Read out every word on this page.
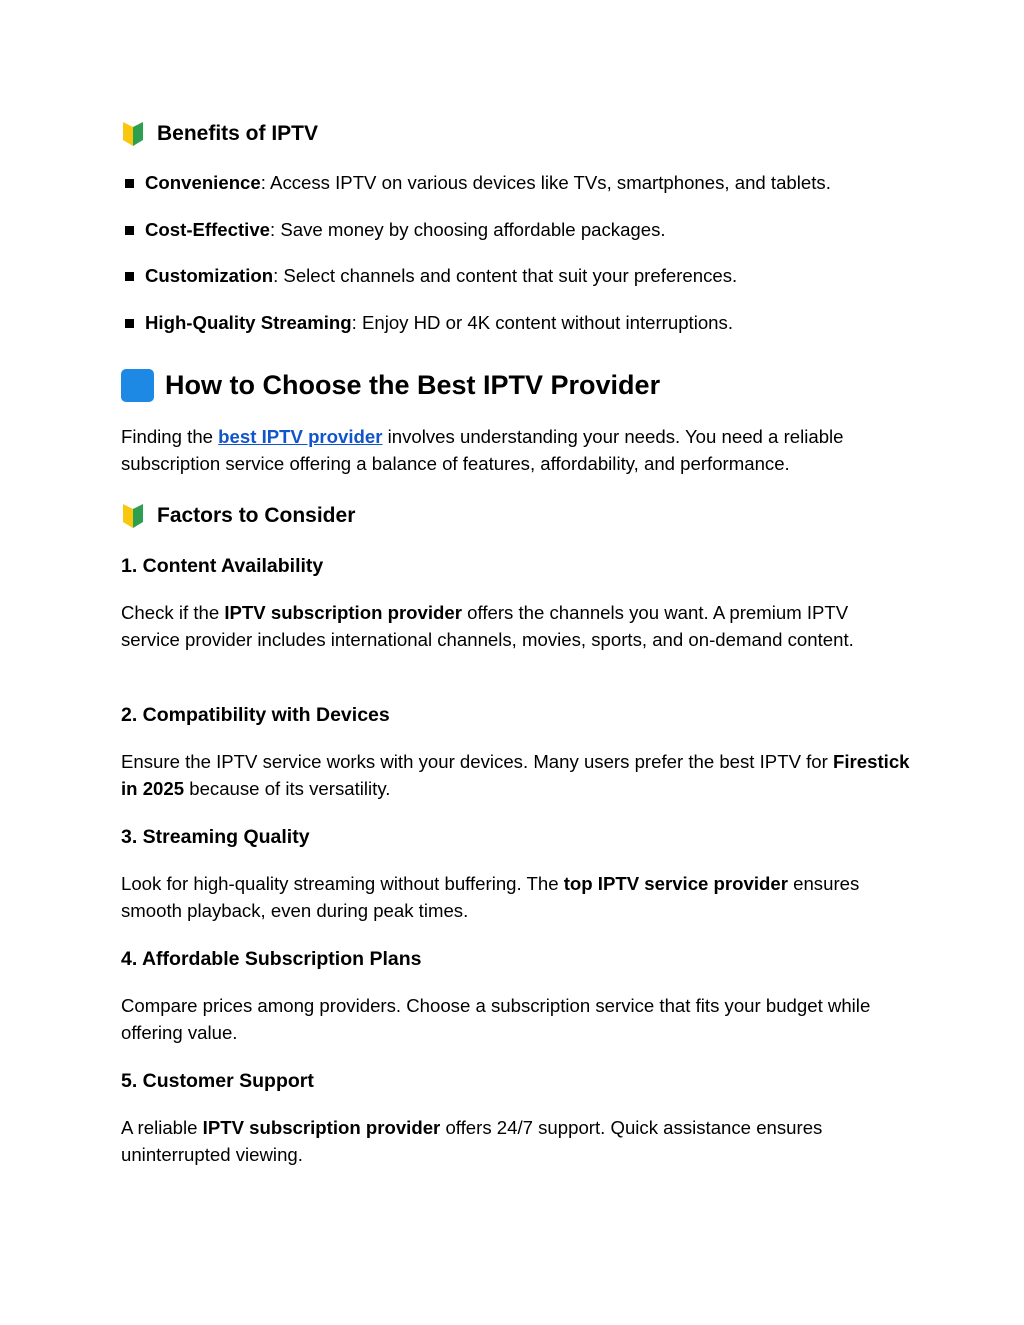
Benefits of IPTV
Convenience : Access IPTV on various devices like TVs, smartphones, and tablets.
Cost-Effective : Save money by choosing affordable packages.
Customization : Select channels and content that suit your preferences.
High-Quality Streaming : Enjoy HD or 4K content without interruptions.
How to Choose the Best IPTV Provider
Finding the best IPTV provider involves understanding your needs. You need a reliable subscription service offering a balance of features, affordability, and performance.
Factors to Consider
1. Content Availability
Check if the IPTV subscription provider offers the channels you want. A premium IPTV service provider includes international channels, movies, sports, and on-demand content.
2. Compatibility with Devices
Ensure the IPTV service works with your devices. Many users prefer the best IPTV for Firestick in 2025 because of its versatility.
3. Streaming Quality
Look for high-quality streaming without buffering. The top IPTV service provider ensures smooth playback, even during peak times.
4. Affordable Subscription Plans
Compare prices among providers. Choose a subscription service that fits your budget while offering value.
5. Customer Support
A reliable IPTV subscription provider offers 24/7 support. Quick assistance ensures uninterrupted viewing.
